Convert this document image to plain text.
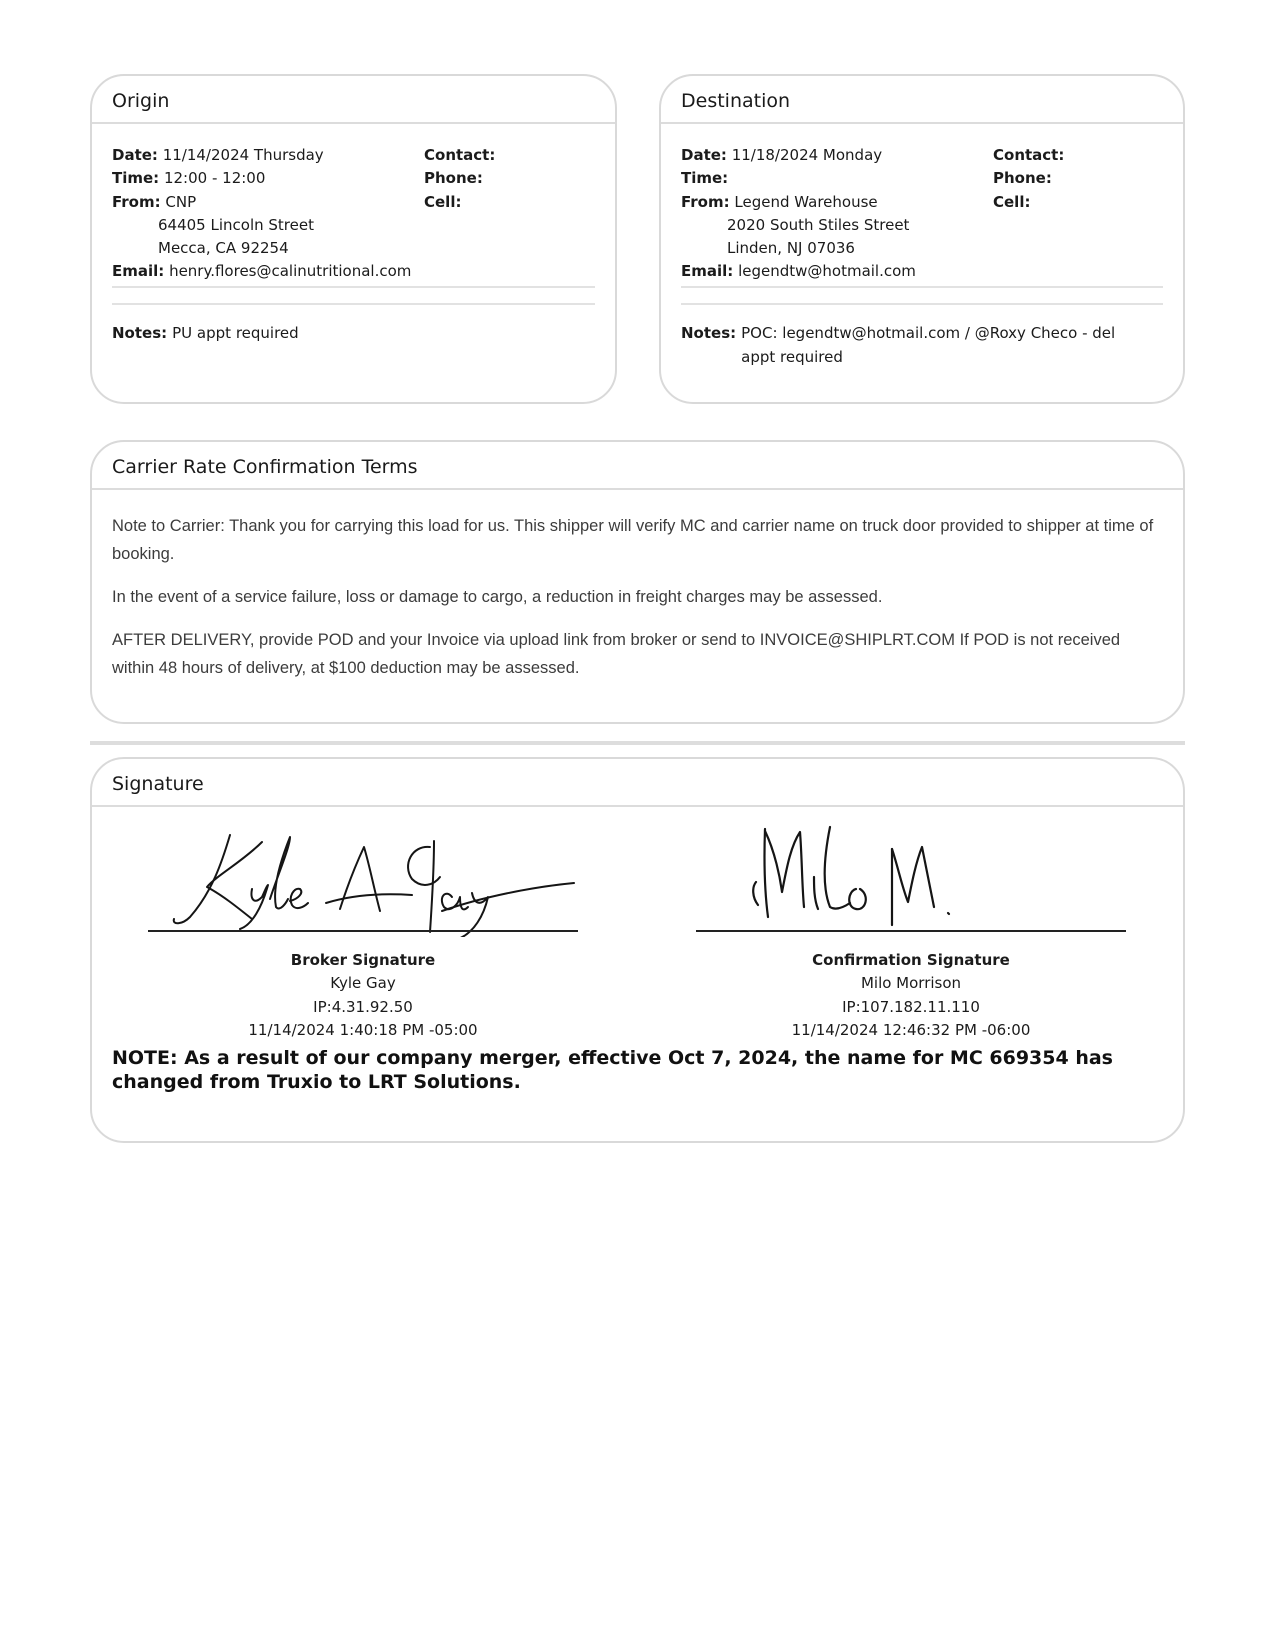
Origin
Date: 11/14/2024 Thursday
Time: 12:00 - 12:00
From: CNP
64405 Lincoln Street
Mecca, CA 92254
Email: henry.flores@calinutritional.com
Contact:
Phone:
Cell:
Notes: PU appt required
Destination
Date: 11/18/2024 Monday
Time:
From: Legend Warehouse
2020 South Stiles Street
Linden, NJ 07036
Email: legendtw@hotmail.com
Contact:
Phone:
Cell:
Notes: POC: legendtw@hotmail.com / @Roxy Checo - del appt required
Carrier Rate Confirmation Terms

Note to Carrier: Thank you for carrying this load for us. This shipper will verify MC and carrier name on truck door provided to shipper at time of booking.

In the event of a service failure, loss or damage to cargo, a reduction in freight charges may be assessed.

AFTER DELIVERY, provide POD and your Invoice via upload link from broker or send to INVOICE@SHIPLRT.COM If POD is not received within 48 hours of delivery, at $100 deduction may be assessed.

Signature
Broker Signature
Kyle Gay
IP:4.31.92.50
11/14/2024 1:40:18 PM -05:00
Confirmation Signature
Milo Morrison
IP:107.182.11.110
11/14/2024 12:46:32 PM -06:00
NOTE: As a result of our company merger, effective Oct 7, 2024, the name for MC 669354 has changed from Truxio to LRT Solutions.
